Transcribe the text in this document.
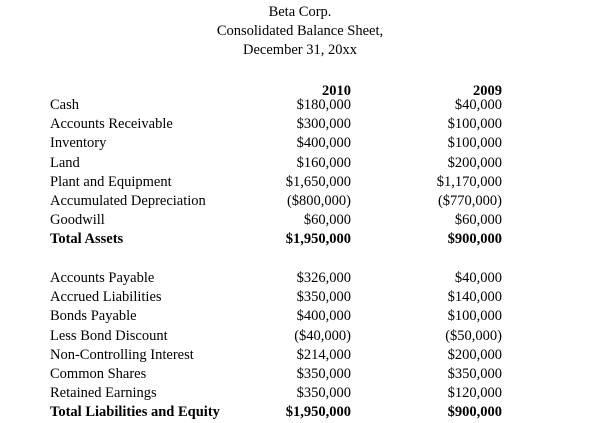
Beta Corp.
Consolidated Balance Sheet,
December 31, 20xx
2010	2009
Cash	$180,000	$40,000
Accounts Receivable	$300,000	$100,000
Inventory	$400,000	$100,000
Land	$160,000	$200,000
Plant and Equipment	$1,650,000	$1,170,000
Accumulated Depreciation	($800,000)	($770,000)
Goodwill	$60,000	$60,000
Total Assets	$1,950,000	$900,000
Accounts Payable	$326,000	$40,000
Accrued Liabilities	$350,000	$140,000
Bonds Payable	$400,000	$100,000
Less Bond Discount	($40,000)	($50,000)
Non-Controlling Interest	$214,000	$200,000
Common Shares	$350,000	$350,000
Retained Earnings	$350,000	$120,000
Total Liabilities and Equity	$1,950,000	$900,000
